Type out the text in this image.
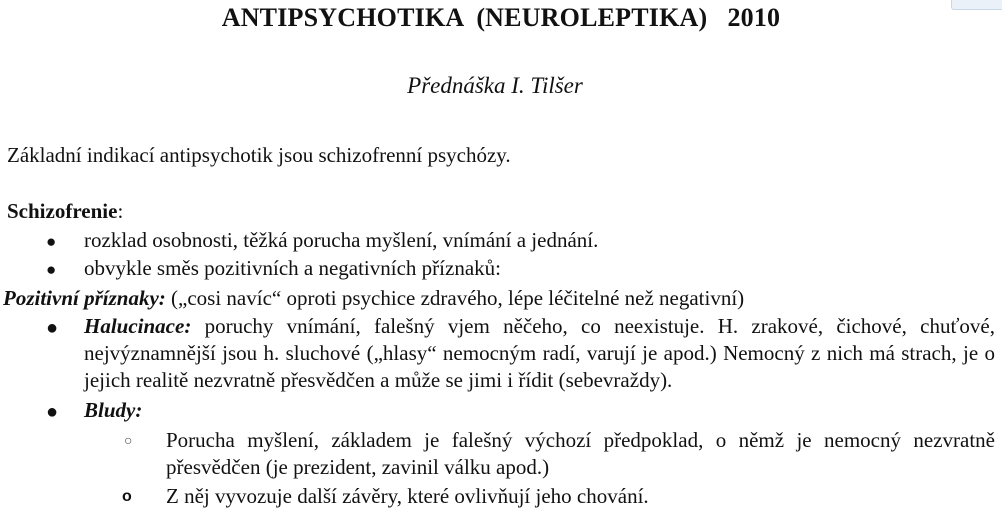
ANTIPSYCHOTIKA  (NEUROLEPTIKA)   2010
Přednáška I. Tilšer
Základní indikací antipsychotik jsou schizofrenní psychózy.
Schizofrenie:
● rozklad osobnosti, těžká porucha myšlení, vnímání a jednání.
● obvykle směs pozitivních a negativních příznaků:
Pozitivní příznaky: („cosi navíc“ oproti psychice zdravého, lépe léčitelné než negativní)
● Halucinace: poruchy vnímání, falešný vjem něčeho, co neexistuje. H. zrakové, čichové, chuťové, nejvýznamnější jsou h. sluchové („hlasy“ nemocným radí, varují je apod.) Nemocný z nich má strach, je o jejich realitě nezvratně přesvědčen a může se jimi i řídit (sebevraždy).
● Bludy:
○ Porucha myšlení, základem je falešný výchozí předpoklad, o němž je nemocný nezvratně přesvědčen (je prezident, zavinil válku apod.)
o Z něj vyvozuje další závěry, které ovlivňují jeho chování.
